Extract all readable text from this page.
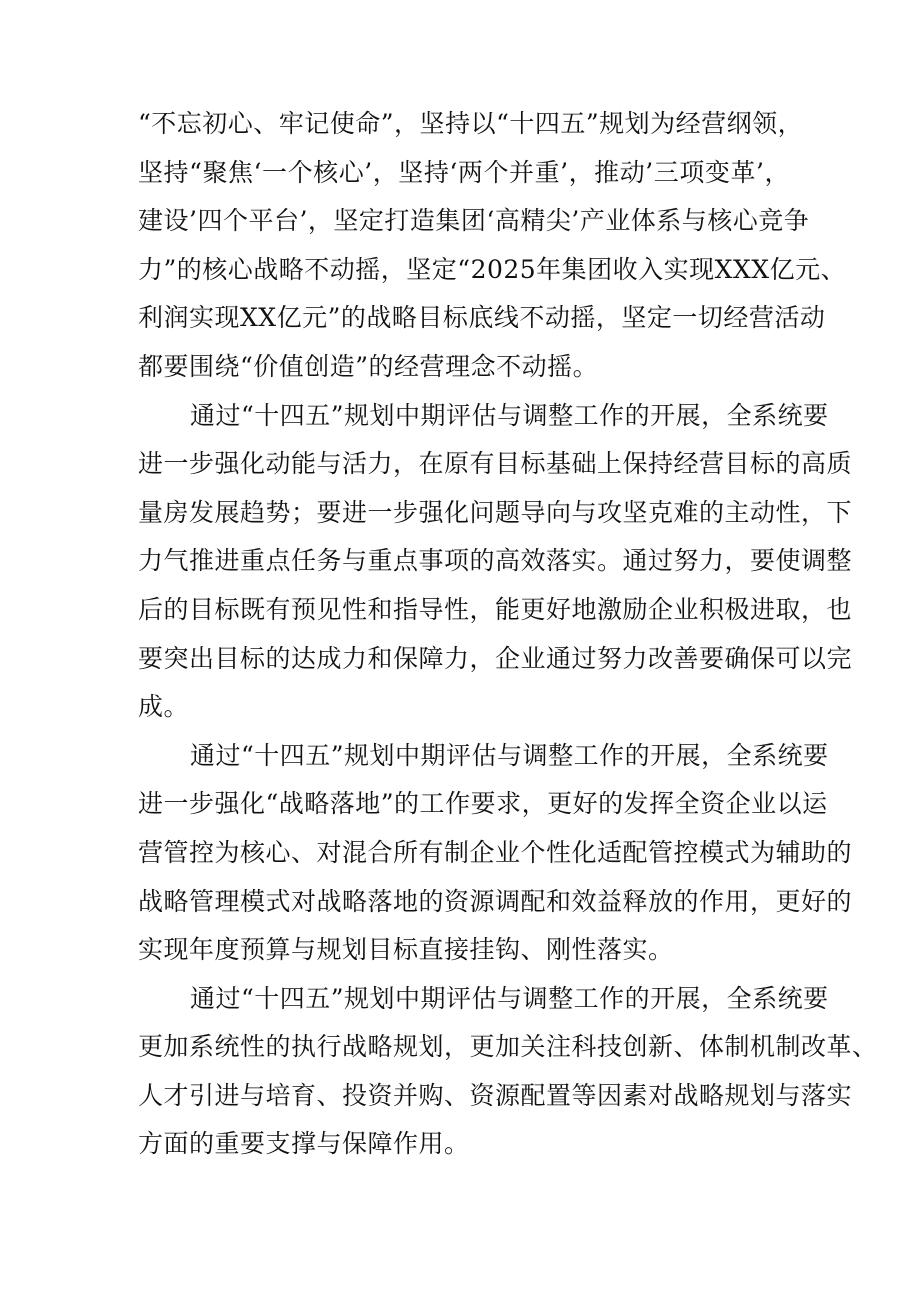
“不忘初心、牢记使命”，坚持以“十四五”规划为经营纲领，
坚持“聚焦‘一个核心’，坚持‘两个并重’，推动’三项变革’，
建设’四个平台’，坚定打造集团‘高精尖’产业体系与核心竞争
力”的核心战略不动摇，坚定“2025年集团收入实现XXX亿元、
利润实现XX亿元”的战略目标底线不动摇，坚定一切经营活动
都要围绕“价值创造”的经营理念不动摇。
通过“十四五”规划中期评估与调整工作的开展，全系统要
进一步强化动能与活力，在原有目标基础上保持经营目标的高质
量房发展趋势；要进一步强化问题导向与攻坚克难的主动性，下
力气推进重点任务与重点事项的高效落实。通过努力，要使调整
后的目标既有预见性和指导性，能更好地激励企业积极进取，也
要突出目标的达成力和保障力，企业通过努力改善要确保可以完
成。
通过“十四五”规划中期评估与调整工作的开展，全系统要
进一步强化“战略落地”的工作要求，更好的发挥全资企业以运
营管控为核心、对混合所有制企业个性化适配管控模式为辅助的
战略管理模式对战略落地的资源调配和效益释放的作用，更好的
实现年度预算与规划目标直接挂钩、刚性落实。
通过“十四五”规划中期评估与调整工作的开展，全系统要
更加系统性的执行战略规划，更加关注科技创新、体制机制改革、
人才引进与培育、投资并购、资源配置等因素对战略规划与落实
方面的重要支撑与保障作用。
